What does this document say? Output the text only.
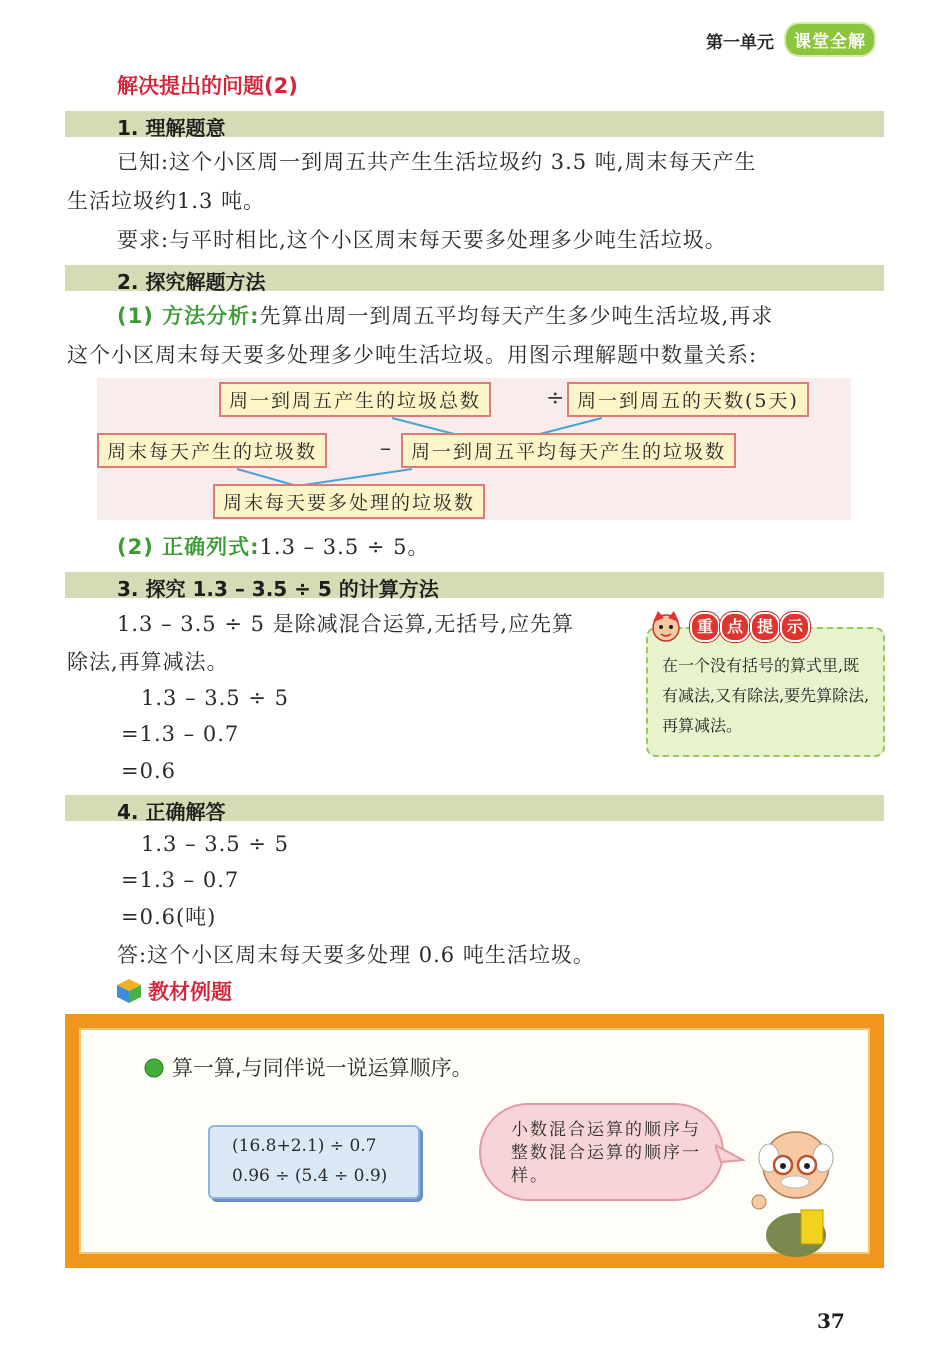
第一单元	课堂全解
解决提出的问题(2)
1. 理解题意
已知:这个小区周一到周五共产生生活垃圾约 3.5 吨,周末每天产生
生活垃圾约1.3 吨。
要求:与平时相比,这个小区周末每天要多处理多少吨生活垃圾。
2. 探究解题方法
(1) 方法分析:先算出周一到周五平均每天产生多少吨生活垃圾,再求
这个小区周末每天要多处理多少吨生活垃圾。用图示理解题中数量关系:
周一到周五产生的垃圾总数	÷ 周一到周五的天数(5天)
周末每天产生的垃圾数	–	周一到周五平均每天产生的垃圾数
周末每天要多处理的垃圾数
(2) 正确列式:1.3 – 3.5 ÷ 5。
3. 探究 1.3 – 3.5 ÷ 5 的计算方法
1.3 – 3.5 ÷ 5 是除减混合运算,无括号,应先算
除法,再算减法。
1.3 – 3.5 ÷ 5
=1.3 – 0.7
=0.6
在一个没有括号的算式里,既有减法,又有除法,要先算除法,再算减法。
重 点 提 示
4. 正确解答
1.3 – 3.5 ÷ 5
=1.3 – 0.7
=0.6(吨)
答:这个小区周末每天要多处理 0.6 吨生活垃圾。
教材例题
算一算,与同伴说一说运算顺序。
(16.8+2.1) ÷ 0.7
0.96 ÷ (5.4 ÷ 0.9)
小数混合运算的顺序与整数混合运算的顺序一样。
37
